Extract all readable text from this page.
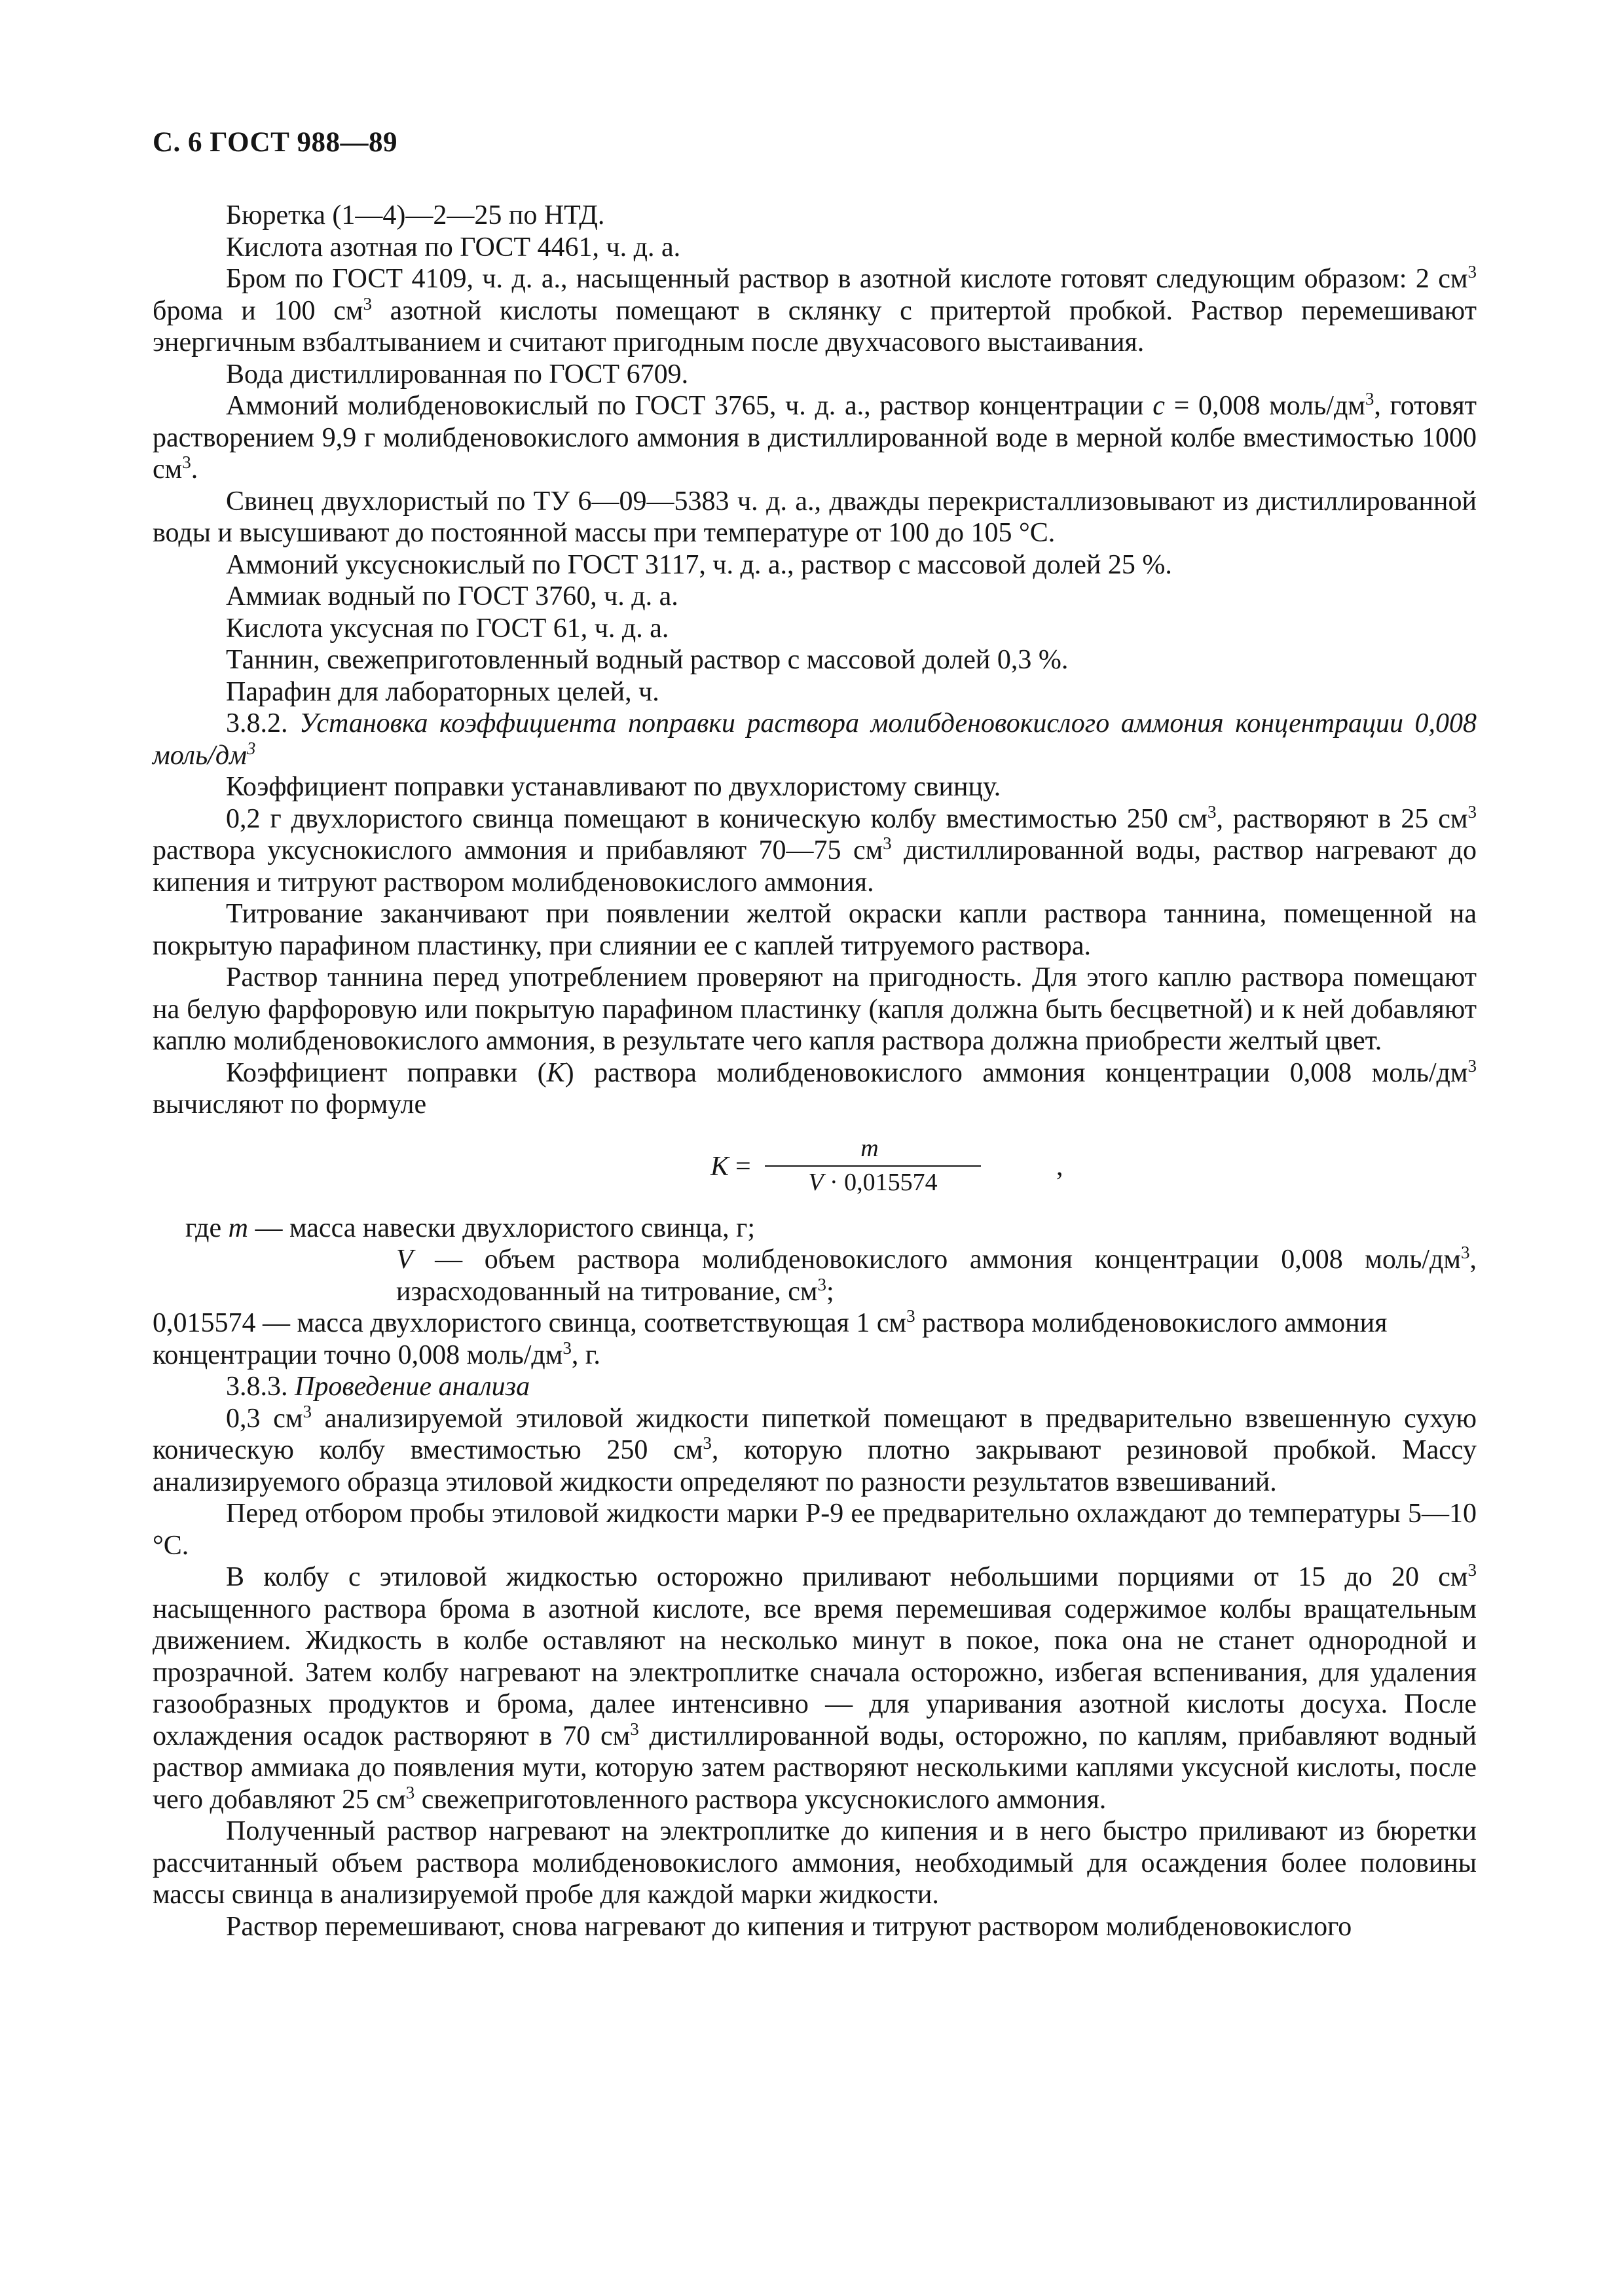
С. 6 ГОСТ 988—89

Бюретка (1—4)—2—25 по НТД.

Кислота азотная по ГОСТ 4461, ч. д. а.

Бром по ГОСТ 4109, ч. д. а., насыщенный раствор в азотной кислоте готовят следующим образом: 2 $см^3$ брома и 100 $см^3$ азотной кислоты помещают в склянку с притертой пробкой. Раствор перемешивают энергичным взбалтыванием и считают пригодным после двухчасового выстаивания.

Вода дистиллированная по ГОСТ 6709.

Аммоний молибденовокислый по ГОСТ 3765, ч. д. а., раствор концентрации c = 0,008 моль/$дм^3$, готовят растворением 9,9 г молибденовокислого аммония в дистиллированной воде в мерной колбе вместимостью 1000 $см^3$.

Свинец двухлористый по ТУ 6—09—5383 ч. д. а., дважды перекристаллизовывают из дистиллированной воды и высушивают до постоянной массы при температуре от 100 до 105 °С.

Аммоний уксуснокислый по ГОСТ 3117, ч. д. а., раствор с массовой долей 25 %.

Аммиак водный по ГОСТ 3760, ч. д. а.

Кислота уксусная по ГОСТ 61, ч. д. а.

Таннин, свежеприготовленный водный раствор с массовой долей 0,3 %.

Парафин для лабораторных целей, ч.

3.8.2. Установка коэффициента поправки раствора молибденовокислого аммония концентрации 0,008 моль/$дм^3$

Коэффициент поправки устанавливают по двухлористому свинцу.

0,2 г двухлористого свинца помещают в коническую колбу вместимостью 250 $см^3$, растворяют в 25 $см^3$ раствора уксуснокислого аммония и прибавляют 70—75 $см^3$ дистиллированной воды, раствор нагревают до кипения и титруют раствором молибденовокислого аммония.

Титрование заканчивают при появлении желтой окраски капли раствора таннина, помещенной на покрытую парафином пластинку, при слиянии ее с каплей титруемого раствора.

Раствор таннина перед употреблением проверяют на пригодность. Для этого каплю раствора помещают на белую фарфоровую или покрытую парафином пластинку (капля должна быть бесцветной) и к ней добавляют каплю молибденовокислого аммония, в результате чего капля раствора должна приобрести желтый цвет.

Коэффициент поправки (K) раствора молибденовокислого аммония концентрации 0,008 моль/$дм^3$ вычисляют по формуле

K =
m
V · 0,015574
,
где m — масса навески двухлористого свинца, г;
V — объем раствора молибденовокислого аммония концентрации 0,008 моль/$дм^3$, израсходованный на титрование, $см^3$;
0,015574 — масса двухлористого свинца, соответствующая 1 $см^3$ раствора молибденовокислого аммония концентрации точно 0,008 моль/$дм^3$, г.

3.8.3. Проведение анализа

0,3 $см^3$ анализируемой этиловой жидкости пипеткой помещают в предварительно взвешенную сухую коническую колбу вместимостью 250 $см^3$, которую плотно закрывают резиновой пробкой. Массу анализируемого образца этиловой жидкости определяют по разности результатов взвешиваний.

Перед отбором пробы этиловой жидкости марки Р-9 ее предварительно охлаждают до температуры 5—10 °С.

В колбу с этиловой жидкостью осторожно приливают небольшими порциями от 15 до 20 $см^3$ насыщенного раствора брома в азотной кислоте, все время перемешивая содержимое колбы вращательным движением. Жидкость в колбе оставляют на несколько минут в покое, пока она не станет однородной и прозрачной. Затем колбу нагревают на электроплитке сначала осторожно, избегая вспенивания, для удаления газообразных продуктов и брома, далее интенсивно — для упаривания азотной кислоты досуха. После охлаждения осадок растворяют в 70 $см^3$ дистиллированной воды, осторожно, по каплям, прибавляют водный раствор аммиака до появления мути, которую затем растворяют несколькими каплями уксусной кислоты, после чего добавляют 25 $см^3$ свежеприготовленного раствора уксуснокислого аммония.

Полученный раствор нагревают на электроплитке до кипения и в него быстро приливают из бюретки рассчитанный объем раствора молибденовокислого аммония, необходимый для осаждения более половины массы свинца в анализируемой пробе для каждой марки жидкости.

Раствор перемешивают, снова нагревают до кипения и титруют раствором молибденовокислого
